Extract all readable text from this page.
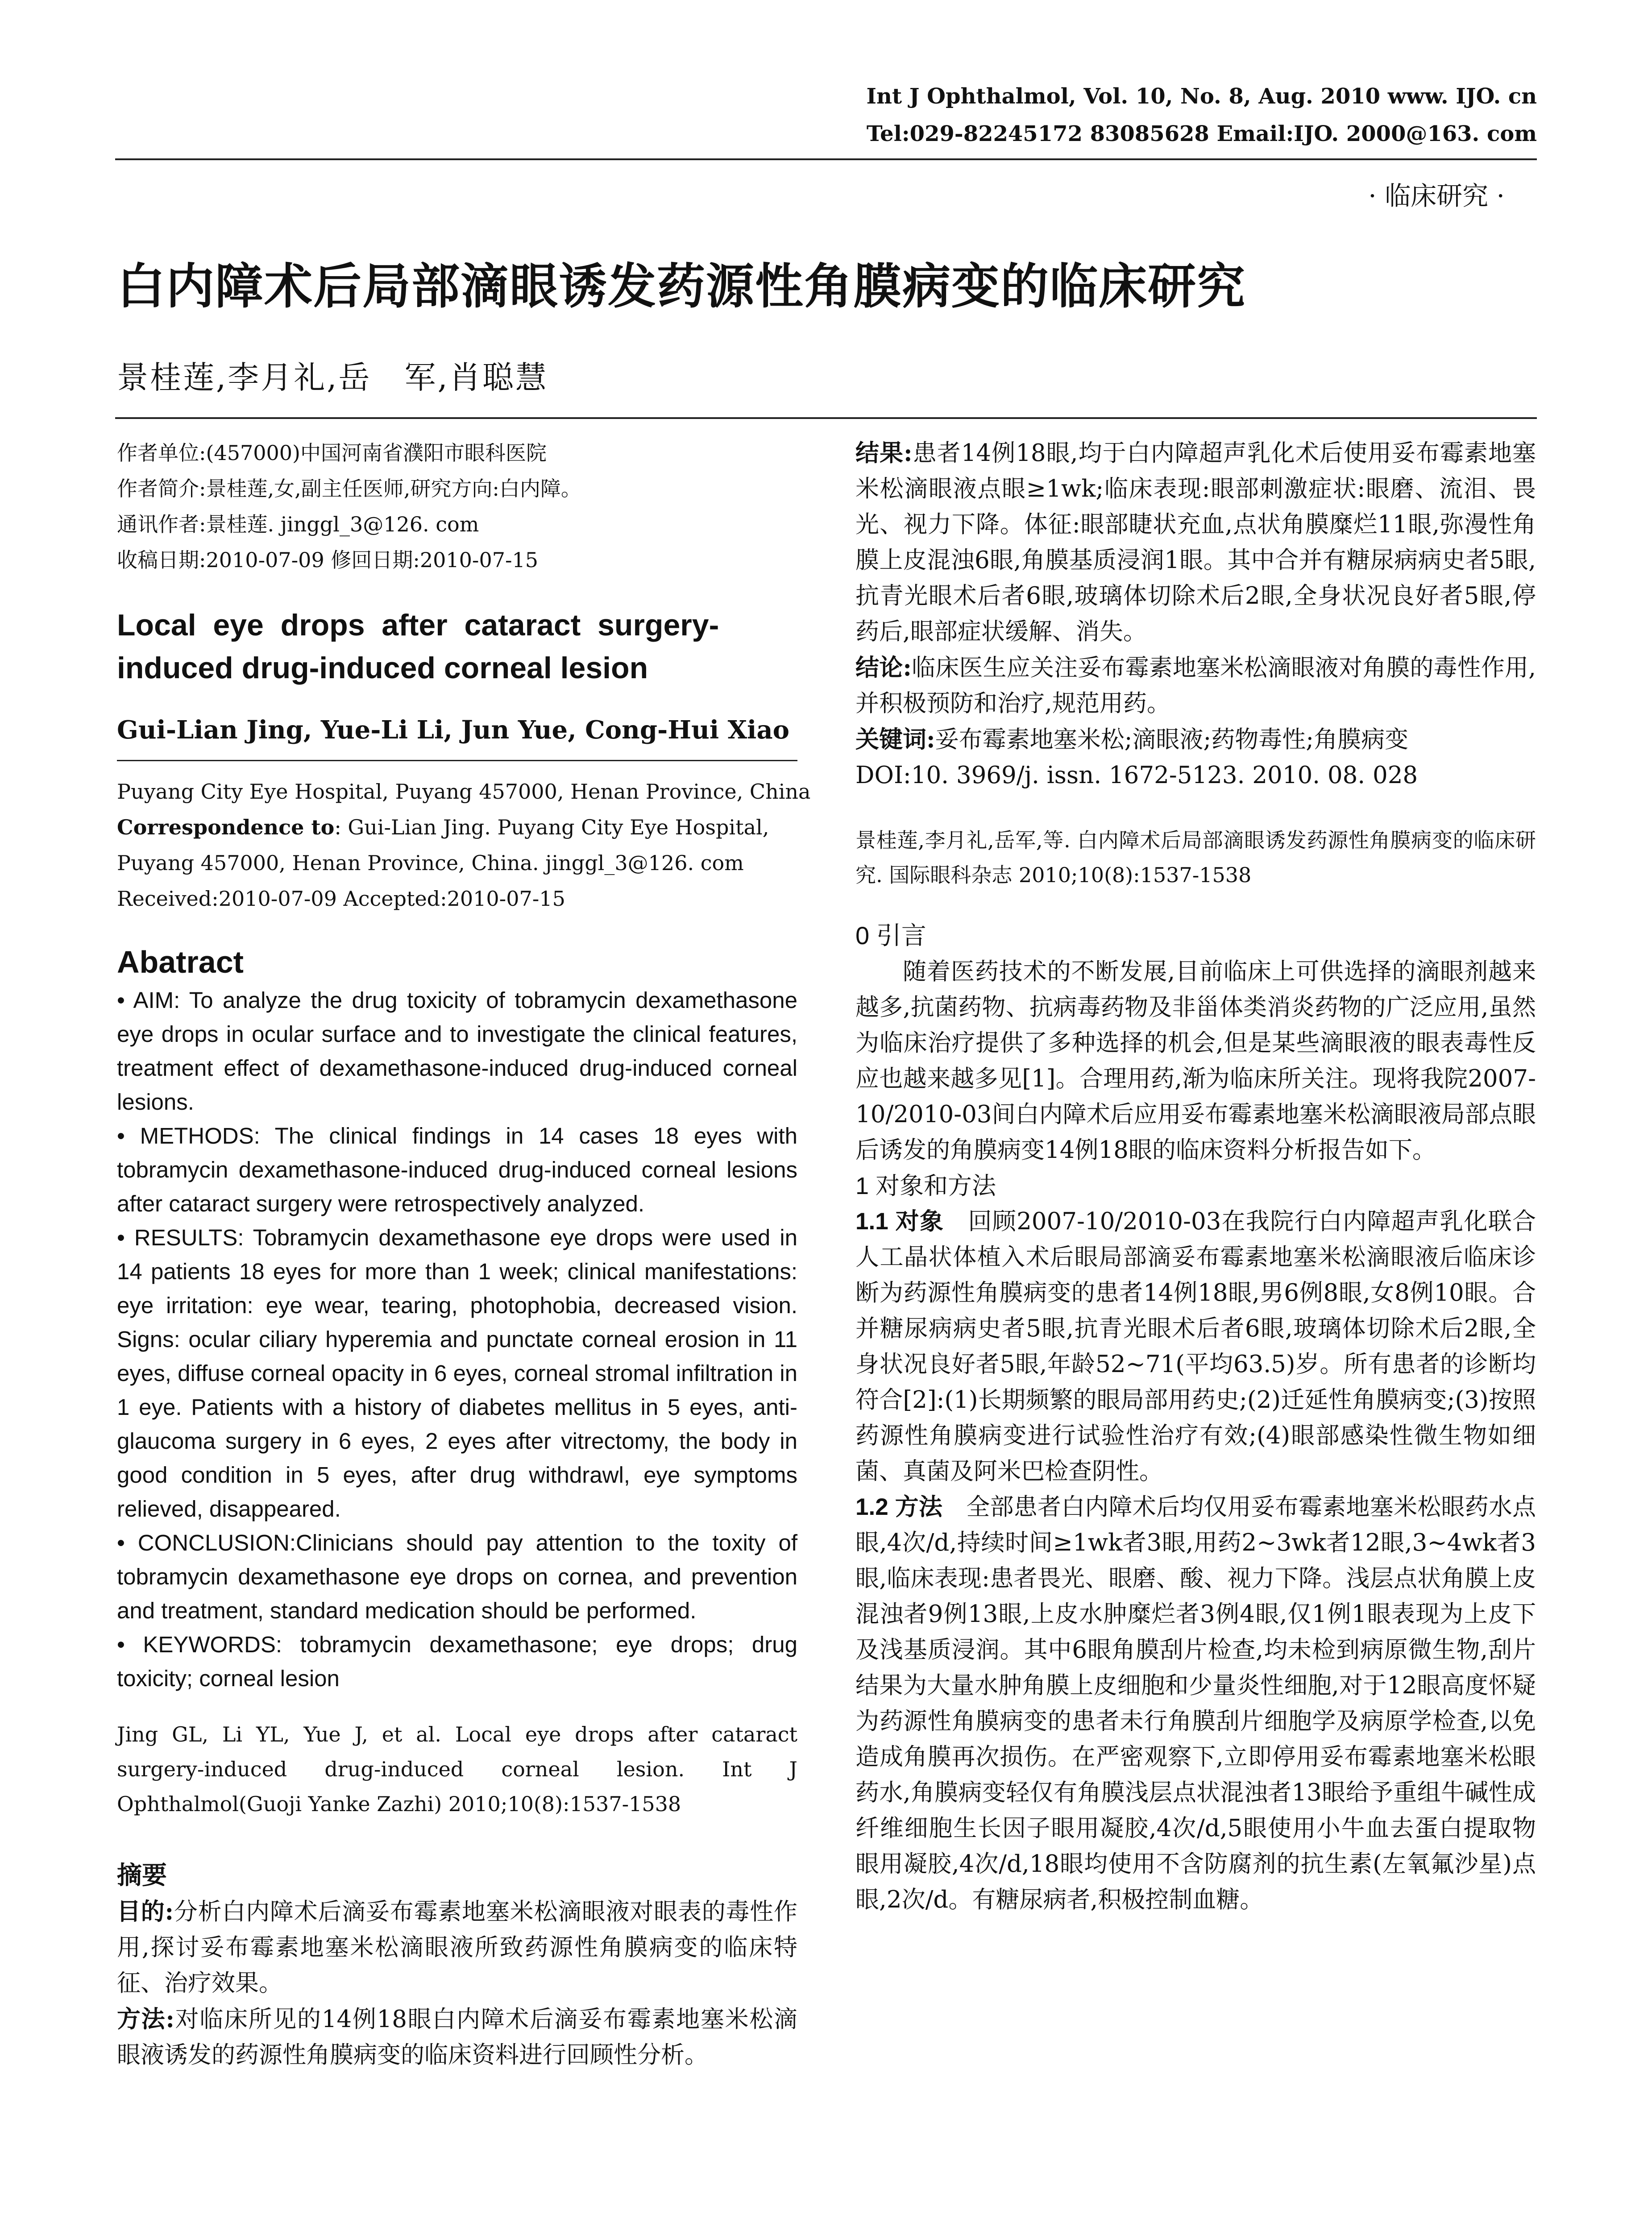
Int J Ophthalmol, Vol. 10, No. 8, Aug. 2010 www. IJO. cn
Tel:029-82245172 83085628 Email:IJO. 2000@163. com
· 临床研究 ·
白内障术后局部滴眼诱发药源性角膜病变的临床研究
景桂莲,李月礼,岳　军,肖聪慧
作者单位:(457000)中国河南省濮阳市眼科医院
作者简介:景桂莲,女,副主任医师,研究方向:白内障。
通讯作者:景桂莲. jinggl_3@126. com
收稿日期:2010-07-09 修回日期:2010-07-15
Local  eye  drops  after  cataract  surgery-
induced drug-induced corneal lesion
Gui-Lian Jing, Yue-Li Li, Jun Yue, Cong-Hui Xiao
Puyang City Eye Hospital, Puyang 457000, Henan Province, China
Correspondence to: Gui-Lian Jing. Puyang City Eye Hospital,
Puyang 457000, Henan Province, China. jinggl_3@126. com
Received:2010-07-09 Accepted:2010-07-15
Abatract
• AIM: To analyze the drug toxicity of tobramycin dexamethasone eye drops in ocular surface and to investigate the clinical features, treatment effect of dexamethasone-induced drug-induced corneal lesions.
• METHODS: The clinical findings in 14 cases 18 eyes with tobramycin dexamethasone-induced drug-induced corneal lesions after cataract surgery were retrospectively analyzed.
• RESULTS: Tobramycin dexamethasone eye drops were used in 14 patients 18 eyes for more than 1 week; clinical manifestations: eye irritation: eye wear, tearing, photophobia, decreased vision. Signs: ocular ciliary hyperemia and punctate corneal erosion in 11 eyes, diffuse corneal opacity in 6 eyes, corneal stromal infiltration in 1 eye. Patients with a history of diabetes mellitus in 5 eyes, anti-glaucoma surgery in 6 eyes, 2 eyes after vitrectomy, the body in good condition in 5 eyes, after drug withdrawl, eye symptoms relieved, disappeared.
• CONCLUSION:Clinicians should pay attention to the toxity of tobramycin dexamethasone eye drops on cornea, and prevention and treatment, standard medication should be performed.
• KEYWORDS: tobramycin dexamethasone; eye drops; drug toxicity; corneal lesion
Jing GL, Li YL, Yue J, et al. Local eye drops after cataract surgery-induced drug-induced corneal lesion. Int J Ophthalmol(Guoji Yanke Zazhi) 2010;10(8):1537-1538
摘要
目的:分析白内障术后滴妥布霉素地塞米松滴眼液对眼表的毒性作用,探讨妥布霉素地塞米松滴眼液所致药源性角膜病变的临床特征、治疗效果。
方法:对临床所见的14例18眼白内障术后滴妥布霉素地塞米松滴眼液诱发的药源性角膜病变的临床资料进行回顾性分析。
结果:患者14例18眼,均于白内障超声乳化术后使用妥布霉素地塞米松滴眼液点眼≥1wk;临床表现:眼部刺激症状:眼磨、流泪、畏光、视力下降。体征:眼部睫状充血,点状角膜糜烂11眼,弥漫性角膜上皮混浊6眼,角膜基质浸润1眼。其中合并有糖尿病病史者5眼,抗青光眼术后者6眼,玻璃体切除术后2眼,全身状况良好者5眼,停药后,眼部症状缓解、消失。
结论:临床医生应关注妥布霉素地塞米松滴眼液对角膜的毒性作用,并积极预防和治疗,规范用药。
关键词:妥布霉素地塞米松;滴眼液;药物毒性;角膜病变
DOI:10. 3969/j. issn. 1672-5123. 2010. 08. 028
景桂莲,李月礼,岳军,等. 白内障术后局部滴眼诱发药源性角膜病变的临床研究. 国际眼科杂志 2010;10(8):1537-1538
0 引言
随着医药技术的不断发展,目前临床上可供选择的滴眼剂越来越多,抗菌药物、抗病毒药物及非甾体类消炎药物的广泛应用,虽然为临床治疗提供了多种选择的机会,但是某些滴眼液的眼表毒性反应也越来越多见[1]。合理用药,渐为临床所关注。现将我院2007-10/2010-03间白内障术后应用妥布霉素地塞米松滴眼液局部点眼后诱发的角膜病变14例18眼的临床资料分析报告如下。
1 对象和方法
1.1 对象　回顾2007-10/2010-03在我院行白内障超声乳化联合人工晶状体植入术后眼局部滴妥布霉素地塞米松滴眼液后临床诊断为药源性角膜病变的患者14例18眼,男6例8眼,女8例10眼。合并糖尿病病史者5眼,抗青光眼术后者6眼,玻璃体切除术后2眼,全身状况良好者5眼,年龄52~71(平均63.5)岁。所有患者的诊断均符合[2]:(1)长期频繁的眼局部用药史;(2)迁延性角膜病变;(3)按照药源性角膜病变进行试验性治疗有效;(4)眼部感染性微生物如细菌、真菌及阿米巴检查阴性。
1.2 方法　全部患者白内障术后均仅用妥布霉素地塞米松眼药水点眼,4次/d,持续时间≥1wk者3眼,用药2~3wk者12眼,3~4wk者3眼,临床表现:患者畏光、眼磨、酸、视力下降。浅层点状角膜上皮混浊者9例13眼,上皮水肿糜烂者3例4眼,仅1例1眼表现为上皮下及浅基质浸润。其中6眼角膜刮片检查,均未检到病原微生物,刮片结果为大量水肿角膜上皮细胞和少量炎性细胞,对于12眼高度怀疑为药源性角膜病变的患者未行角膜刮片细胞学及病原学检查,以免造成角膜再次损伤。在严密观察下,立即停用妥布霉素地塞米松眼药水,角膜病变轻仅有角膜浅层点状混浊者13眼给予重组牛碱性成纤维细胞生长因子眼用凝胶,4次/d,5眼使用小牛血去蛋白提取物眼用凝胶,4次/d,18眼均使用不含防腐剂的抗生素(左氧氟沙星)点眼,2次/d。有糖尿病者,积极控制血糖。
